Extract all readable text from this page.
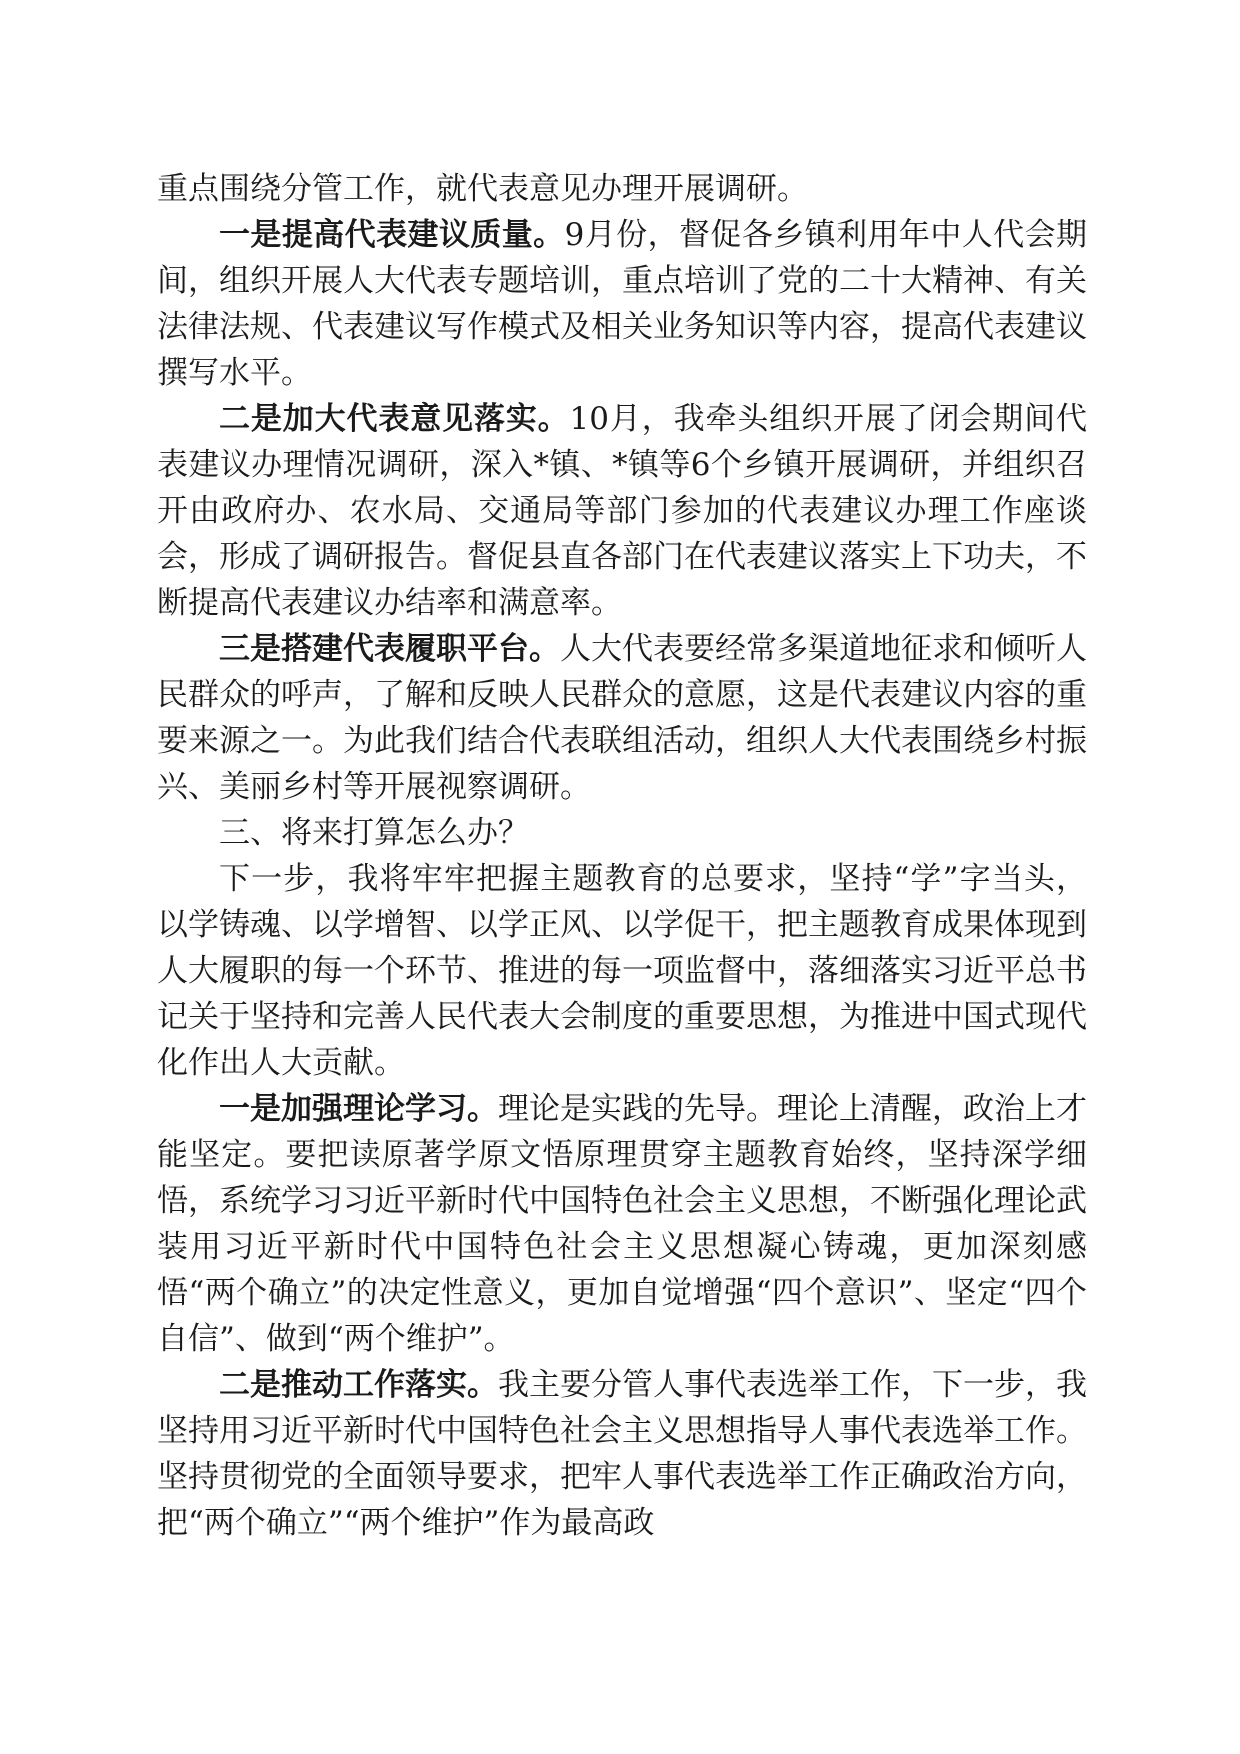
重点围绕分管工作，就代表意见办理开展调研。

一是提高代表建议质量。9月份，督促各乡镇利用年中人代会期间，组织开展人大代表专题培训，重点培训了党的二十大精神、有关法律法规、代表建议写作模式及相关业务知识等内容，提高代表建议撰写水平。

二是加大代表意见落实。10月，我牵头组织开展了闭会期间代表建议办理情况调研，深入*镇、*镇等6个乡镇开展调研，并组织召开由政府办、农水局、交通局等部门参加的代表建议办理工作座谈会，形成了调研报告。督促县直各部门在代表建议落实上下功夫，不断提高代表建议办结率和满意率。

三是搭建代表履职平台。人大代表要经常多渠道地征求和倾听人民群众的呼声，了解和反映人民群众的意愿，这是代表建议内容的重要来源之一。为此我们结合代表联组活动，组织人大代表围绕乡村振兴、美丽乡村等开展视察调研。

三、将来打算怎么办？

下一步，我将牢牢把握主题教育的总要求，坚持“学”字当头，以学铸魂、以学增智、以学正风、以学促干，把主题教育成果体现到人大履职的每一个环节、推进的每一项监督中，落细落实习近平总书记关于坚持和完善人民代表大会制度的重要思想，为推进中国式现代化作出人大贡献。

一是加强理论学习。理论是实践的先导。理论上清醒，政治上才能坚定。要把读原著学原文悟原理贯穿主题教育始终，坚持深学细悟，系统学习习近平新时代中国特色社会主义思想，不断强化理论武装用习近平新时代中国特色社会主义思想凝心铸魂，更加深刻感悟“两个确立”的决定性意义，更加自觉增强“四个意识”、坚定“四个自信”、做到“两个维护”。

二是推动工作落实。我主要分管人事代表选举工作，下一步，我坚持用习近平新时代中国特色社会主义思想指导人事代表选举工作。坚持贯彻党的全面领导要求，把牢人事代表选举工作正确政治方向，把“两个确立”“两个维护”作为最高政
